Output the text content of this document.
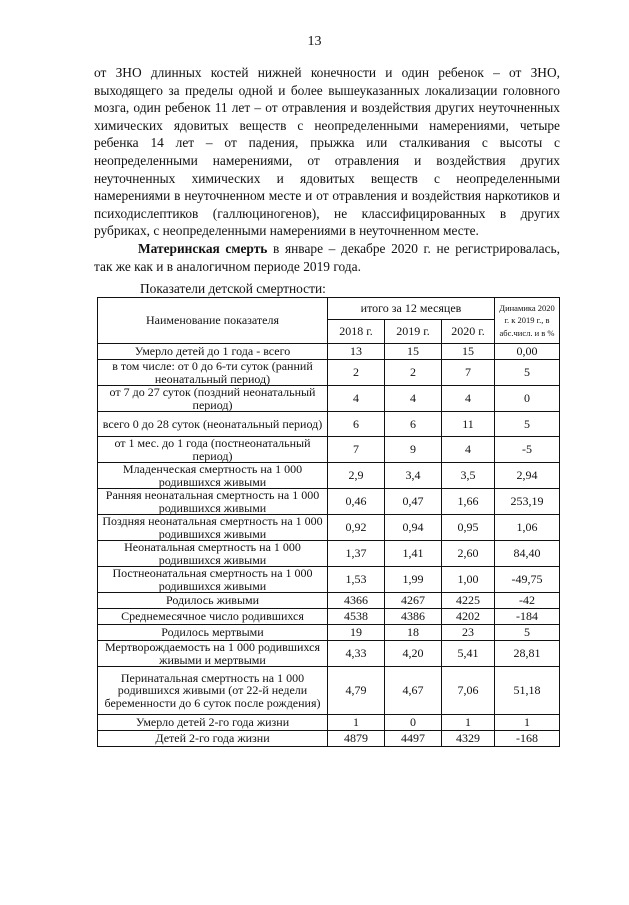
13

от ЗНО длинных костей нижней конечности и один ребенок – от ЗНО, выходящего за пределы одной и более вышеуказанных локализации головного мозга, один ребенок 11 лет – от отравления и воздействия других неуточненных химических ядовитых веществ с неопределенными намерениями, четыре ребенка 14 лет – от падения, прыжка или сталкивания с высоты с неопределенными намерениями, от отравления и воздействия других неуточненных химических и ядовитых веществ с неопределенными намерениями в неуточненном месте и от отравления и воздействия наркотиков и психодислептиков (галлюциногенов), не классифицированных в других рубриках, с неопределенными намерениями в неуточненном месте.

Материнская смерть в январе – декабре 2020 г. не регистрировалась, так же как и в аналогичном периоде 2019 года.

Показатели детской смертности:
Наименование показателя	итого за 12 месяцев			Динамика 2020 г. к 2019 г., в абс.числ. и в %
	2018 г.	2019 г.	2020 г.	
Умерло детей до 1 года - всего	13	15	15	0,00
в том числе: от 0 до 6-ти суток (ранний неонатальный период)	2	2	7	5
от 7 до 27 суток (поздний неонатальный период)	4	4	4	0
всего 0 до 28 суток (неонатальный период)	6	6	11	5
от 1 мес. до 1 года (постнеонатальный период)	7	9	4	-5
Младенческая смертность на 1 000 родившихся живыми	2,9	3,4	3,5	2,94
Ранняя неонатальная смертность на 1 000 родившихся живыми	0,46	0,47	1,66	253,19
Поздняя неонатальная смертность на 1 000 родившихся живыми	0,92	0,94	0,95	1,06
Неонатальная смертность на 1 000 родившихся живыми	1,37	1,41	2,60	84,40
Постнеонатальная смертность на 1 000 родившихся живыми	1,53	1,99	1,00	-49,75
Родилось живыми	4366	4267	4225	-42
Среднемесячное число родившихся	4538	4386	4202	-184
Родилось мертвыми	19	18	23	5
Мертворождаемость на 1 000 родившихся живыми и мертвыми	4,33	4,20	5,41	28,81
Перинатальная смертность на 1 000 родившихся живыми (от 22-й недели беременности до 6 суток после рождения)	4,79	4,67	7,06	51,18
Умерло детей 2-го года жизни	1	0	1	1
Детей 2-го года жизни	4879	4497	4329	-168
